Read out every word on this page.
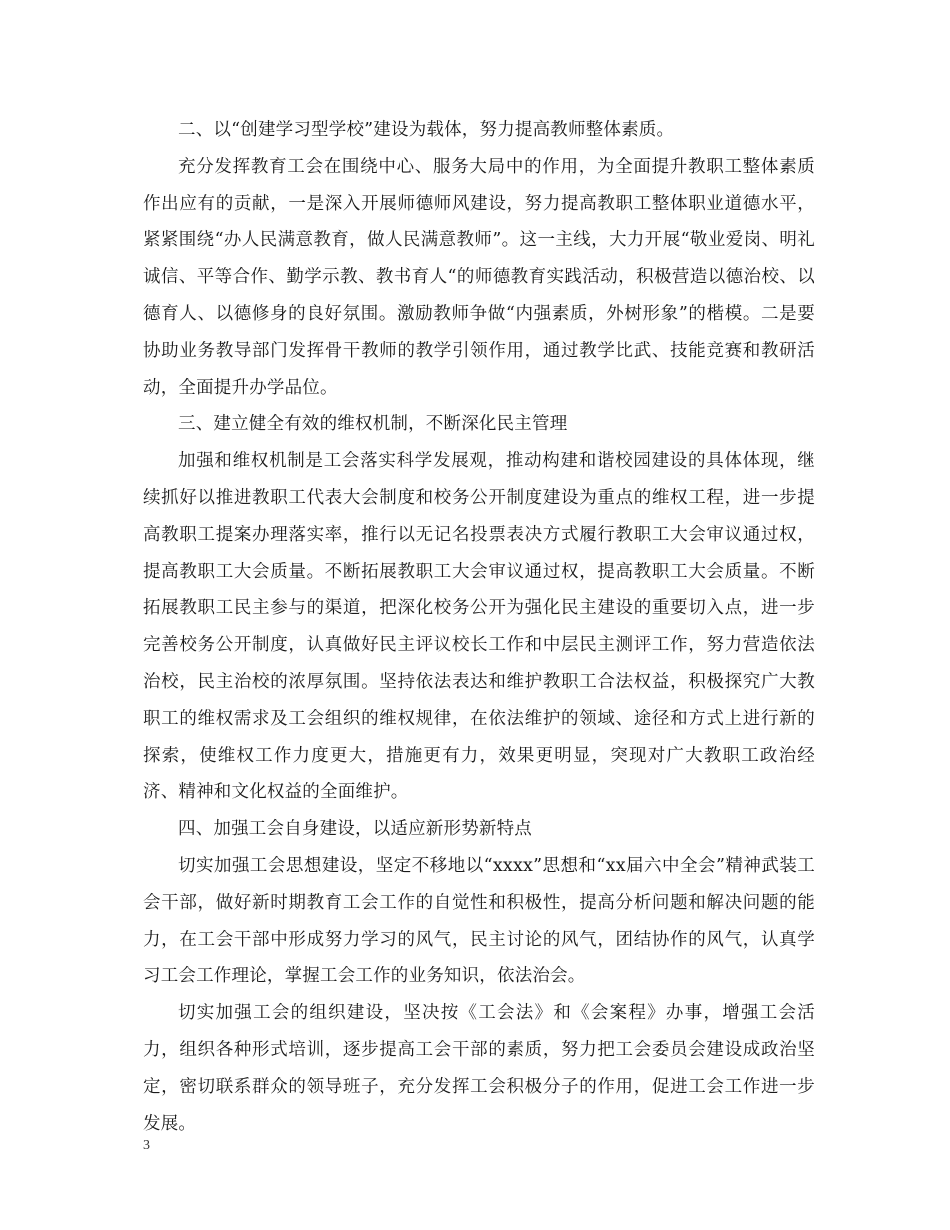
二、以“创建学习型学校”建设为载体，努力提高教师整体素质。

充分发挥教育工会在围绕中心、服务大局中的作用，为全面提升教职工整体素质作出应有的贡献，一是深入开展师德师风建设，努力提高教职工整体职业道德水平，紧紧围绕“办人民满意教育，做人民满意教师”。这一主线，大力开展“敬业爱岗、明礼诚信、平等合作、勤学示教、教书育人“的师德教育实践活动，积极营造以德治校、以德育人、以德修身的良好氛围。激励教师争做“内强素质，外树形象”的楷模。二是要协助业务教导部门发挥骨干教师的教学引领作用，通过教学比武、技能竞赛和教研活动，全面提升办学品位。

三、建立健全有效的维权机制，不断深化民主管理

加强和维权机制是工会落实科学发展观，推动构建和谐校园建设的具体体现，继续抓好以推进教职工代表大会制度和校务公开制度建设为重点的维权工程，进一步提高教职工提案办理落实率，推行以无记名投票表决方式履行教职工大会审议通过权，提高教职工大会质量。不断拓展教职工大会审议通过权，提高教职工大会质量。不断拓展教职工民主参与的渠道，把深化校务公开为强化民主建设的重要切入点，进一步完善校务公开制度，认真做好民主评议校长工作和中层民主测评工作，努力营造依法治校，民主治校的浓厚氛围。坚持依法表达和维护教职工合法权益，积极探究广大教职工的维权需求及工会组织的维权规律，在依法维护的领域、途径和方式上进行新的探索，使维权工作力度更大，措施更有力，效果更明显，突现对广大教职工政治经济、精神和文化权益的全面维护。

四、加强工会自身建设，以适应新形势新特点

切实加强工会思想建设，坚定不移地以“xxxx”思想和“xx届六中全会”精神武装工会干部，做好新时期教育工会工作的自觉性和积极性，提高分析问题和解决问题的能力，在工会干部中形成努力学习的风气，民主讨论的风气，团结协作的风气，认真学习工会工作理论，掌握工会工作的业务知识，依法治会。

切实加强工会的组织建设，坚决按《工会法》和《会案程》办事，增强工会活力，组织各种形式培训，逐步提高工会干部的素质，努力把工会委员会建设成政治坚定，密切联系群众的领导班子，充分发挥工会积极分子的作用，促进工会工作进一步发展。

3
